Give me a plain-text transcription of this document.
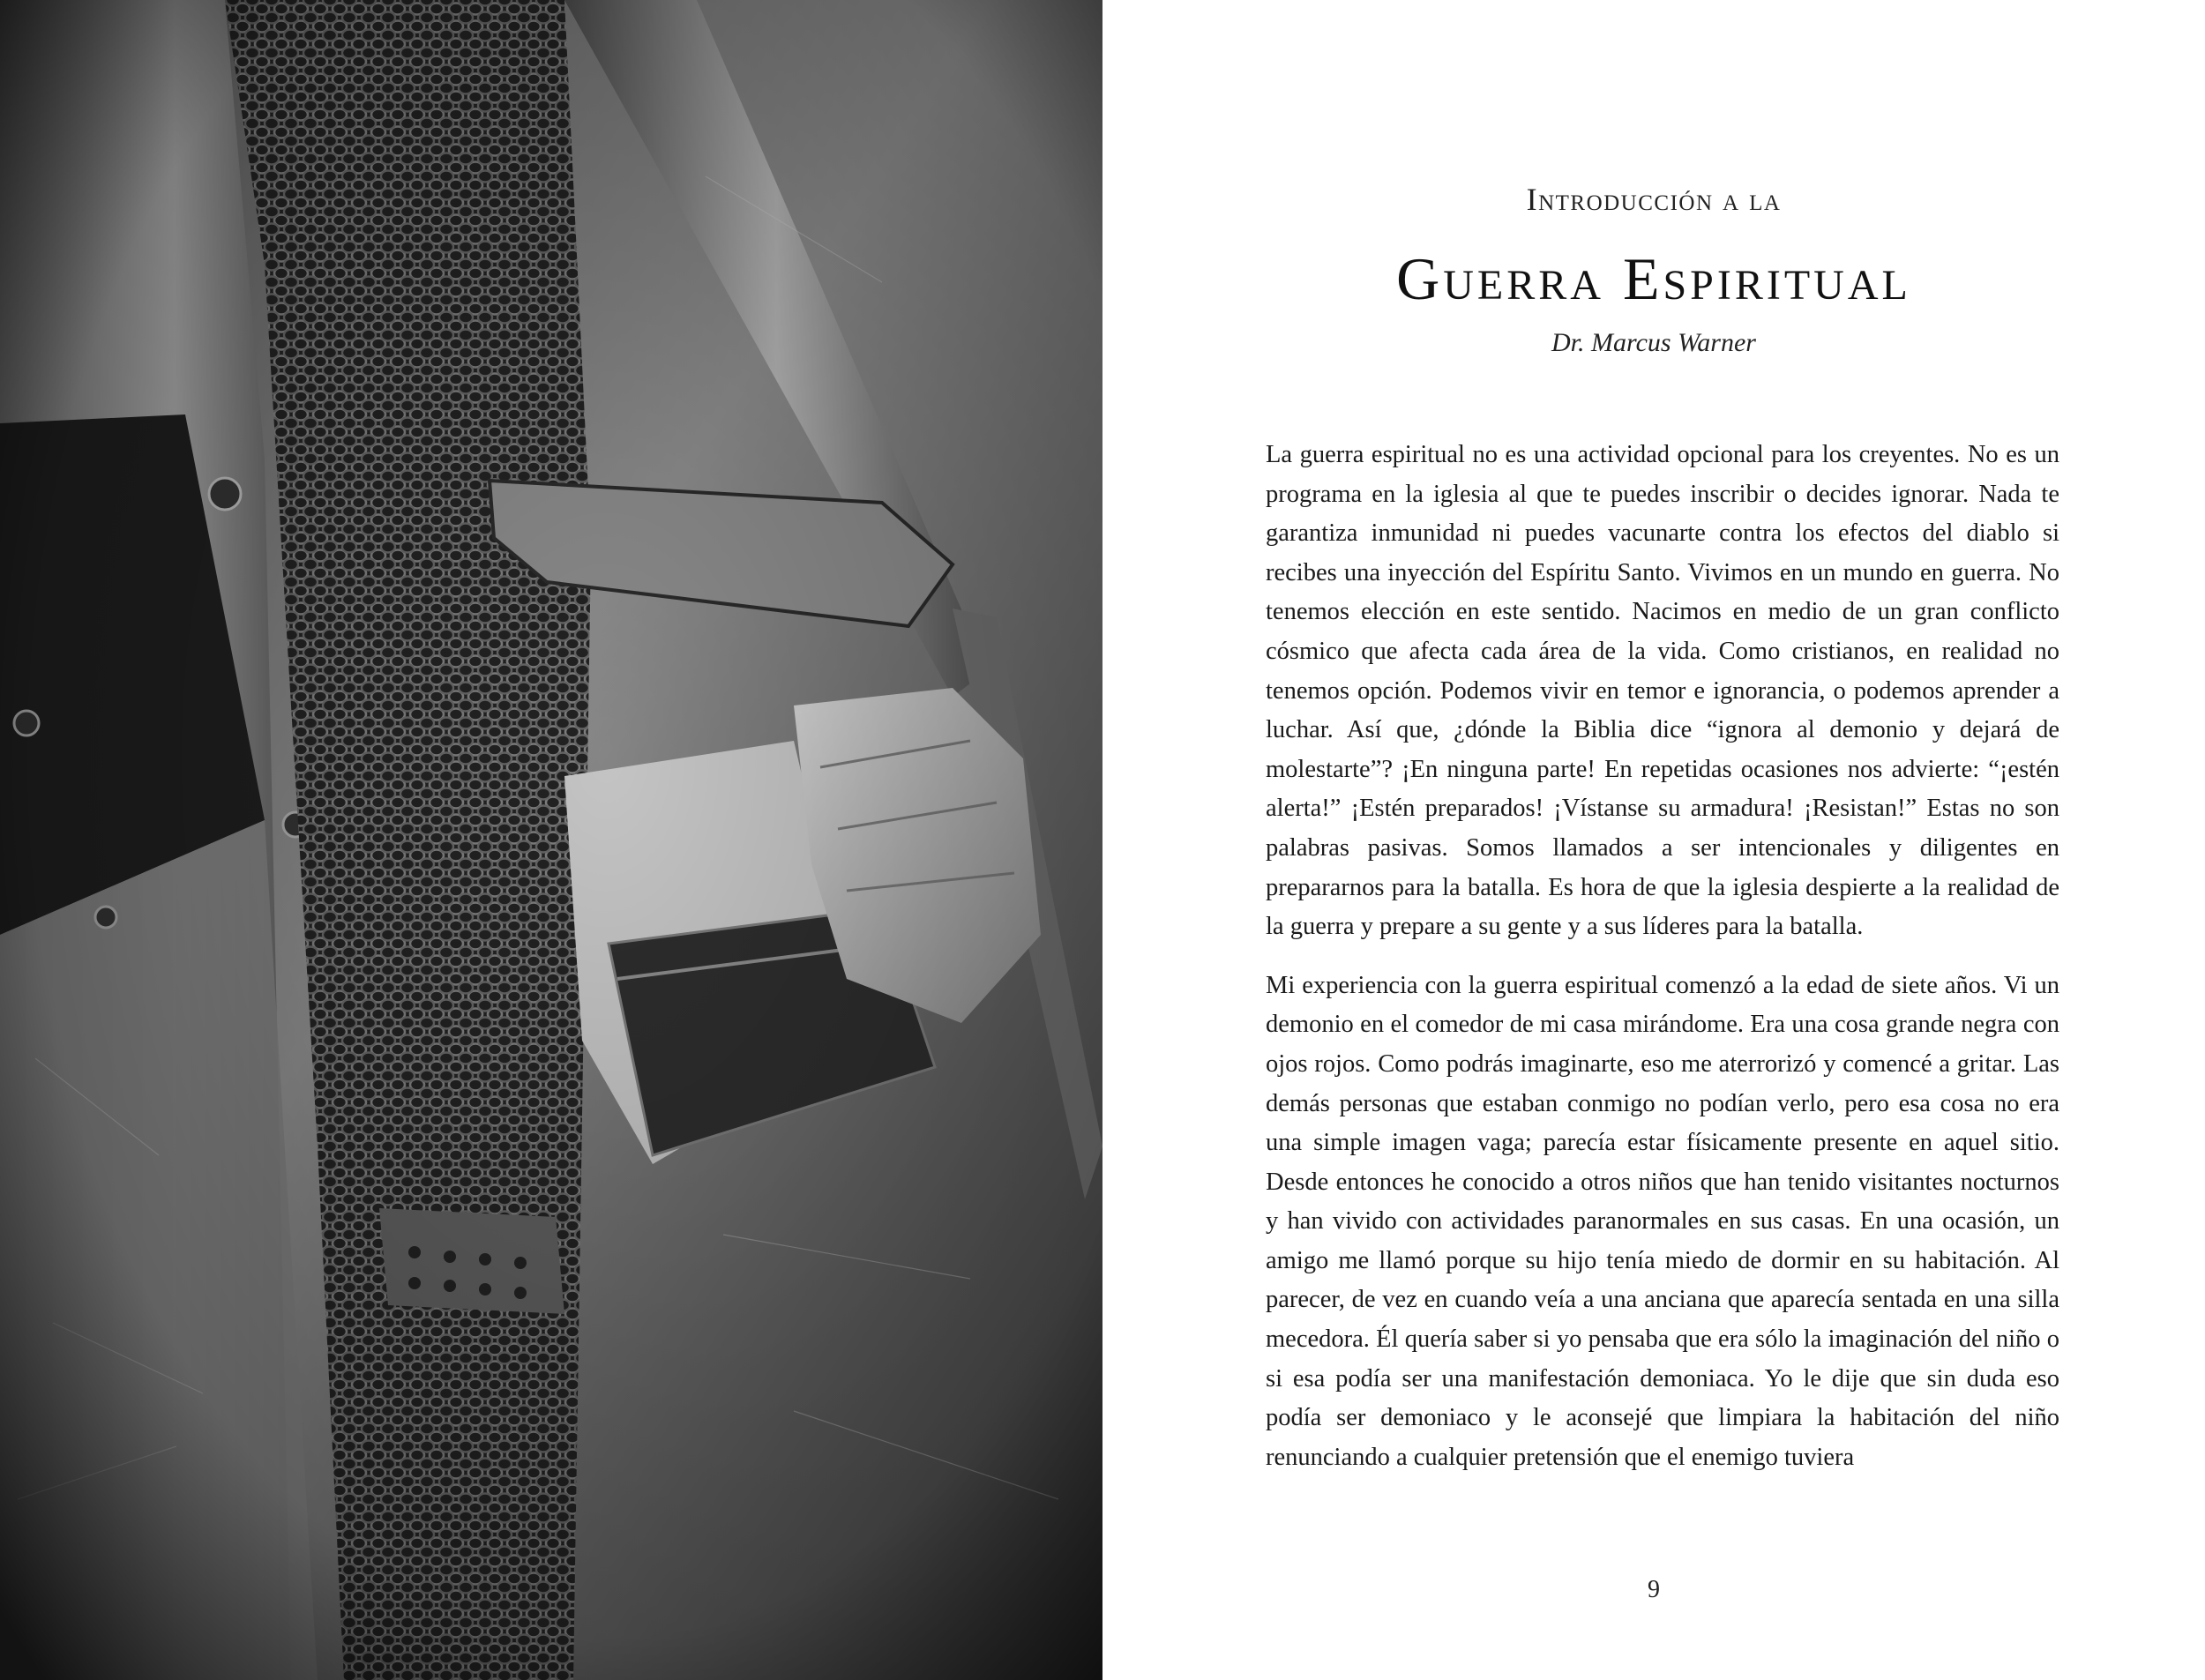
Introducción a la
Guerra Espiritual
Dr. Marcus Warner

La guerra espiritual no es una actividad opcional para los creyentes. No es un programa en la iglesia al que te puedes inscribir o decides ignorar. Nada te garantiza inmunidad ni puedes vacunarte contra los efectos del diablo si recibes una inyección del Espíritu Santo. Vivimos en un mundo en guerra. No tenemos elección en este sentido. Nacimos en medio de un gran conflicto cósmico que afecta cada área de la vida. Como cristianos, en realidad no tenemos opción. Podemos vivir en temor e ignorancia, o podemos aprender a luchar. Así que, ¿dónde la Biblia dice “ignora al demonio y dejará de molestarte”? ¡En ninguna parte! En repetidas ocasiones nos advierte: “¡estén alerta!” ¡Estén preparados! ¡Vístanse su armadura! ¡Resistan!” Estas no son palabras pasivas. Somos llamados a ser intencionales y diligentes en prepararnos para la batalla. Es hora de que la iglesia despierte a la realidad de la guerra y prepare a su gente y a sus líderes para la batalla.

Mi experiencia con la guerra espiritual comenzó a la edad de siete años. Vi un demonio en el comedor de mi casa mirándome. Era una cosa grande negra con ojos rojos. Como podrás imaginarte, eso me aterrorizó y comencé a gritar. Las demás personas que estaban conmigo no podían verlo, pero esa cosa no era una simple imagen vaga; parecía estar físicamente presente en aquel sitio. Desde entonces he conocido a otros niños que han tenido visitantes nocturnos y han vivido con actividades paranormales en sus casas. En una ocasión, un amigo me llamó porque su hijo tenía miedo de dormir en su habitación. Al parecer, de vez en cuando veía a una anciana que aparecía sentada en una silla mecedora. Él quería saber si yo pensaba que era sólo la imaginación del niño o si esa podía ser una manifestación demoniaca. Yo le dije que sin duda eso podía ser demoniaco y le aconsejé que limpiara la habitación del niño renunciando a cualquier pretensión que el enemigo tuviera

9
